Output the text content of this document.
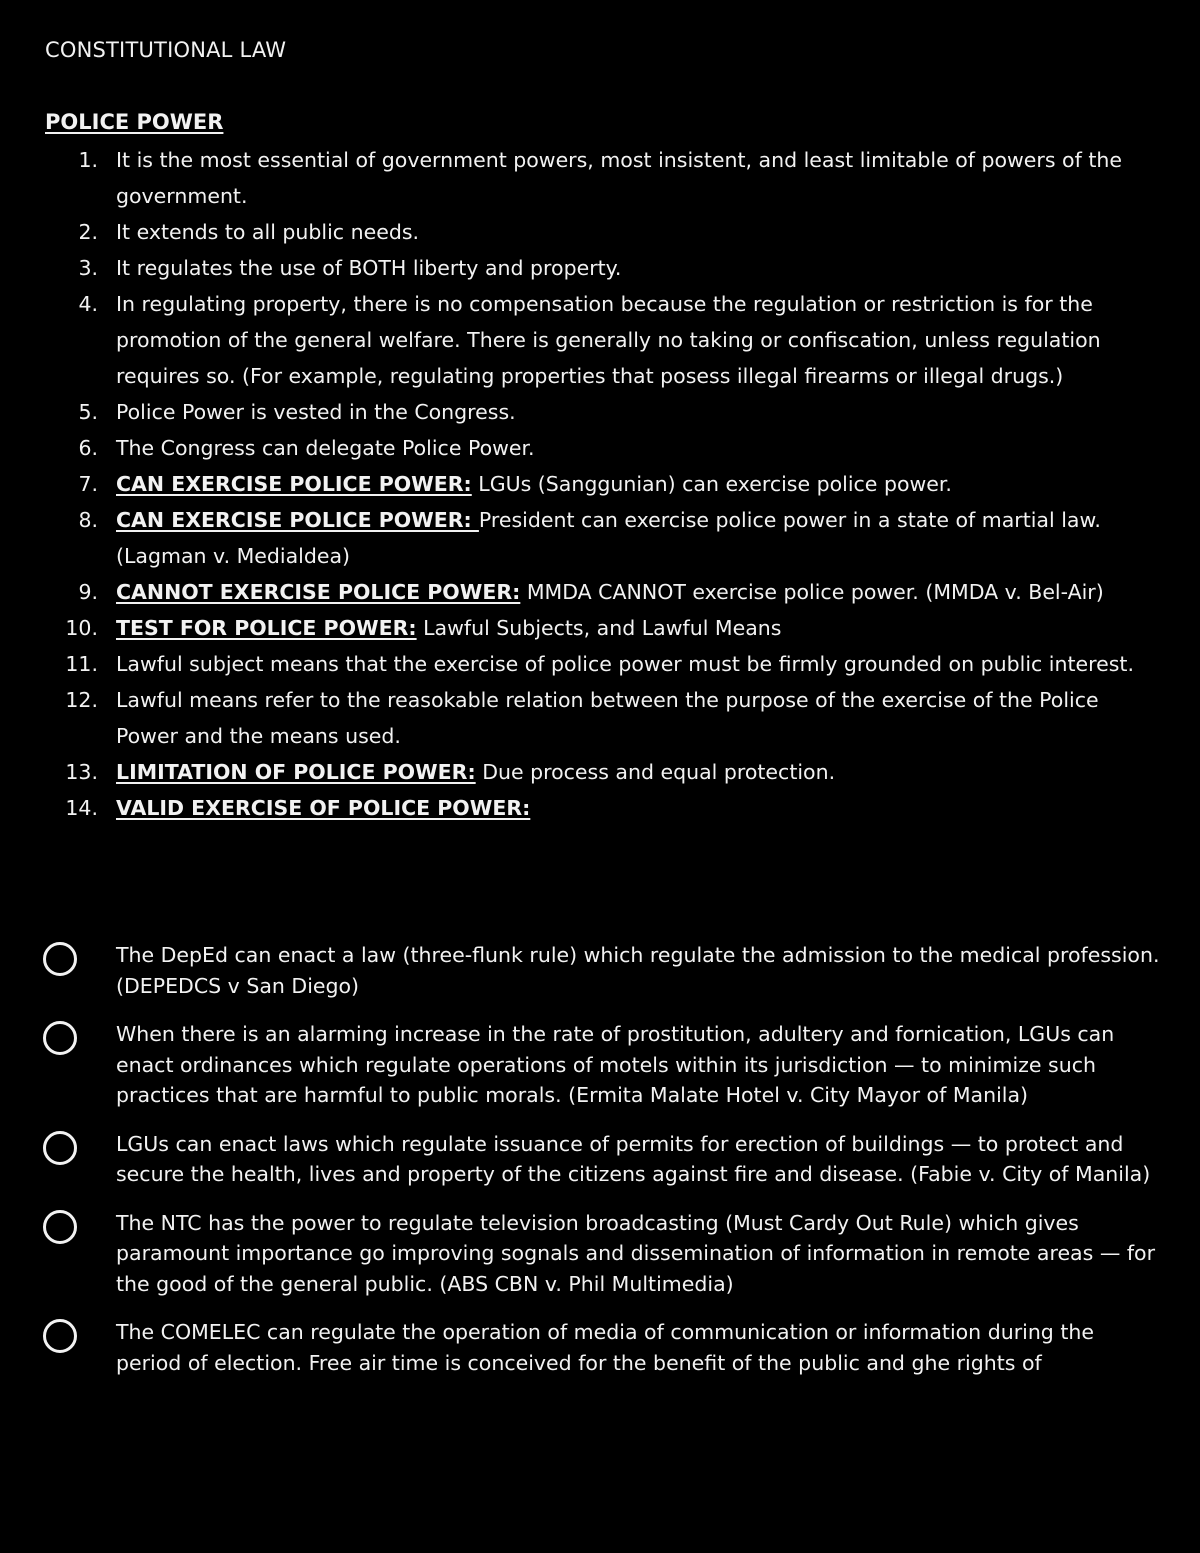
CONSTITUTIONAL LAW
POLICE POWER
1. It is the most essential of government powers, most insistent, and least limitable of powers of the government.
2. It extends to all public needs.
3. It regulates the use of BOTH liberty and property.
4. In regulating property, there is no compensation because the regulation or restriction is for the promotion of the general welfare. There is generally no taking or confiscation, unless regulation requires so. (For example, regulating properties that posess illegal firearms or illegal drugs.)
5. Police Power is vested in the Congress.
6. The Congress can delegate Police Power.
7. CAN EXERCISE POLICE POWER: LGUs (Sanggunian) can exercise police power.
8. CAN EXERCISE POLICE POWER: President can exercise police power in a state of martial law. (Lagman v. Medialdea)
9. CANNOT EXERCISE POLICE POWER: MMDA CANNOT exercise police power. (MMDA v. Bel-Air)
10. TEST FOR POLICE POWER: Lawful Subjects, and Lawful Means
11. Lawful subject means that the exercise of police power must be firmly grounded on public interest.
12. Lawful means refer to the reasokable relation between the purpose of the exercise of the Police Power and the means used.
13. LIMITATION OF POLICE POWER: Due process and equal protection.
14. VALID EXERCISE OF POLICE POWER:
The DepEd can enact a law (three-flunk rule) which regulate the admission to the medical profession. (DEPEDCS v San Diego)
When there is an alarming increase in the rate of prostitution, adultery and fornication, LGUs can enact ordinances which regulate operations of motels within its jurisdiction — to minimize such practices that are harmful to public morals. (Ermita Malate Hotel v. City Mayor of Manila)
LGUs can enact laws which regulate issuance of permits for erection of buildings — to protect and secure the health, lives and property of the citizens against fire and disease. (Fabie v. City of Manila)
The NTC has the power to regulate television broadcasting (Must Cardy Out Rule) which gives paramount importance go improving sognals and dissemination of information in remote areas — for the good of the general public. (ABS CBN v. Phil Multimedia)
The COMELEC can regulate the operation of media of communication or information during the period of election. Free air time is conceived for the benefit of the public and ghe rights of
